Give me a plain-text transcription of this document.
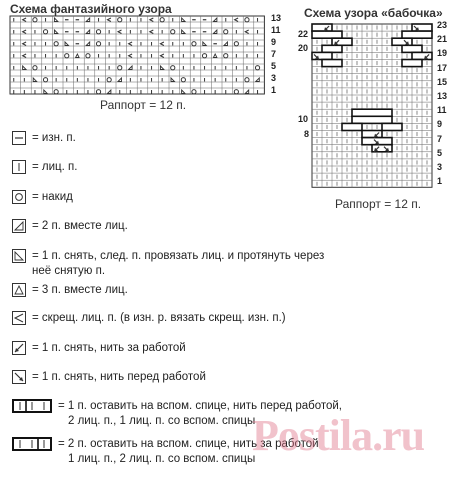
Схема фантазийного узора
13
11
9
7
5
3
1
Раппорт = 12 п.
Схема узора «бабочка»
23
21
19
17
15
13
11
9
7
5
3
1
22
20
10
8
Раппорт = 12 п.
= изн. п.
= лиц. п.
= накид
= 2 п. вместе лиц.
= 1 п. снять, след. п. провязать лиц. и протянуть через
неё снятую п.
= 3 п. вместе лиц.
= скрещ. лиц. п. (в изн. р. вязать скрещ. изн. п.)
= 1 п. снять, нить за работой
= 1 п. снять, нить перед работой
= 1 п. оставить на вспом. спице, нить перед работой,
2 лиц. п., 1 лиц. п. со вспом. спицы
= 2 п. оставить на вспом. спице, нить за работой
1 лиц. п., 2 лиц. п. со вспом. спицы
Postila.ru
